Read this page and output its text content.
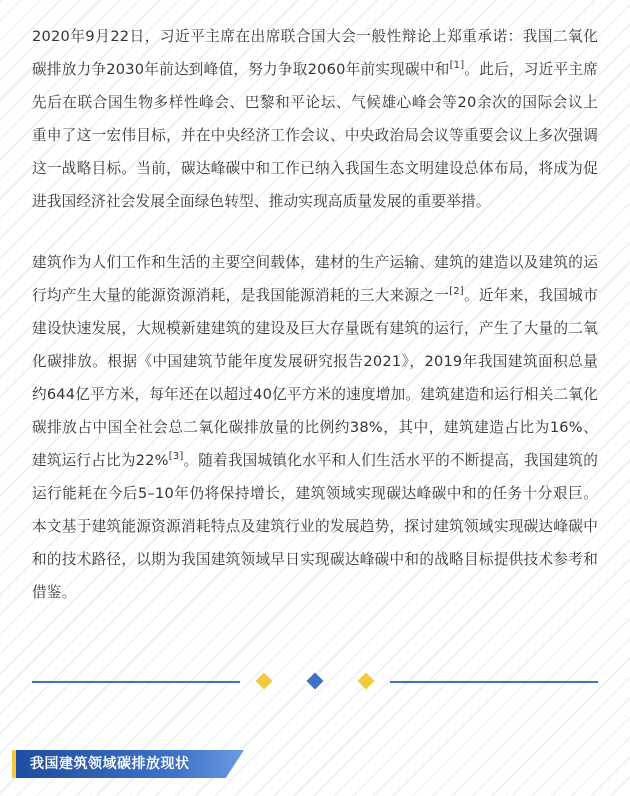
2020年9月22日，习近平主席在出席联合国大会一般性辩论上郑重承诺：我国二氧化碳排放力争2030年前达到峰值，努力争取2060年前实现碳中和[1]。此后，习近平主席先后在联合国生物多样性峰会、巴黎和平论坛、气候雄心峰会等20余次的国际会议上重申了这一宏伟目标，并在中央经济工作会议、中央政治局会议等重要会议上多次强调这一战略目标。当前，碳达峰碳中和工作已纳入我国生态文明建设总体布局，将成为促进我国经济社会发展全面绿色转型、推动实现高质量发展的重要举措。

建筑作为人们工作和生活的主要空间载体，建材的生产运输、建筑的建造以及建筑的运行均产生大量的能源资源消耗，是我国能源消耗的三大来源之一[2]。近年来，我国城市建设快速发展，大规模新建建筑的建设及巨大存量既有建筑的运行，产生了大量的二氧化碳排放。根据《中国建筑节能年度发展研究报告2021》，2019年我国建筑面积总量约644亿平方米，每年还在以超过40亿平方米的速度增加。建筑建造和运行相关二氧化碳排放占中国全社会总二氧化碳排放量的比例约38%，其中，建筑建造占比为16%、建筑运行占比为22%[3]。随着我国城镇化水平和人们生活水平的不断提高，我国建筑的运行能耗在今后5–10年仍将保持增长，建筑领域实现碳达峰碳中和的任务十分艰巨。本文基于建筑能源资源消耗特点及建筑行业的发展趋势，探讨建筑领域实现碳达峰碳中和的技术路径，以期为我国建筑领域早日实现碳达峰碳中和的战略目标提供技术参考和借鉴。

我国建筑领域碳排放现状
